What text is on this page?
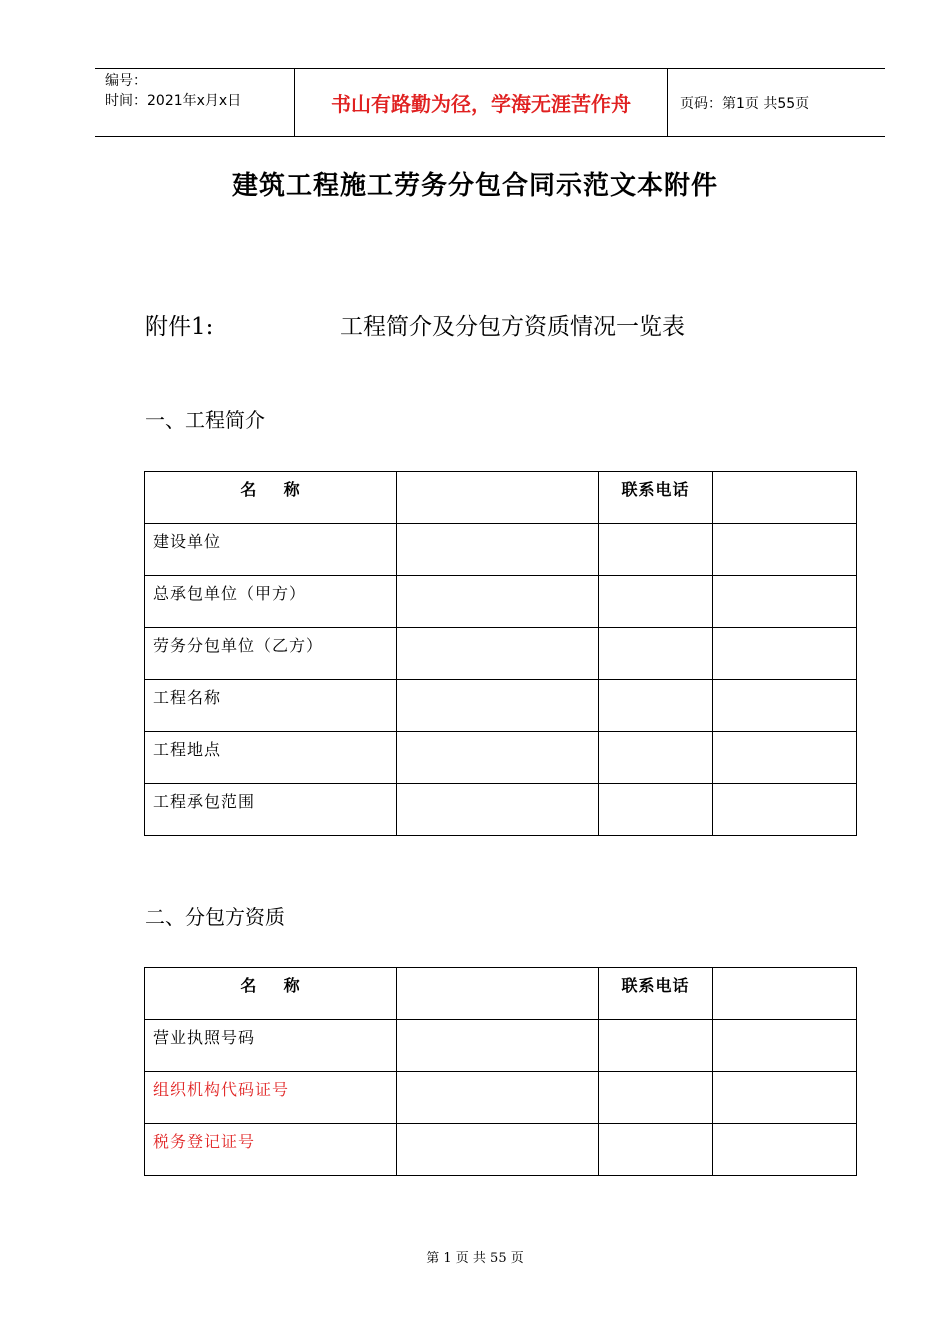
编号：
时间：2021年x月x日	书山有路勤为径，学海无涯苦作舟	页码：第1页 共55页
建筑工程施工劳务分包合同示范文本附件
附件1:	工程简介及分包方资质情况一览表
一、工程简介
名    称		联系电话	
建设单位			
总承包单位（甲方）			
劳务分包单位（乙方）			
工程名称			
工程地点			
工程承包范围			
二、分包方资质
名    称		联系电话	
营业执照号码			
组织机构代码证号			
税务登记证号			
第 1 页 共 55 页
